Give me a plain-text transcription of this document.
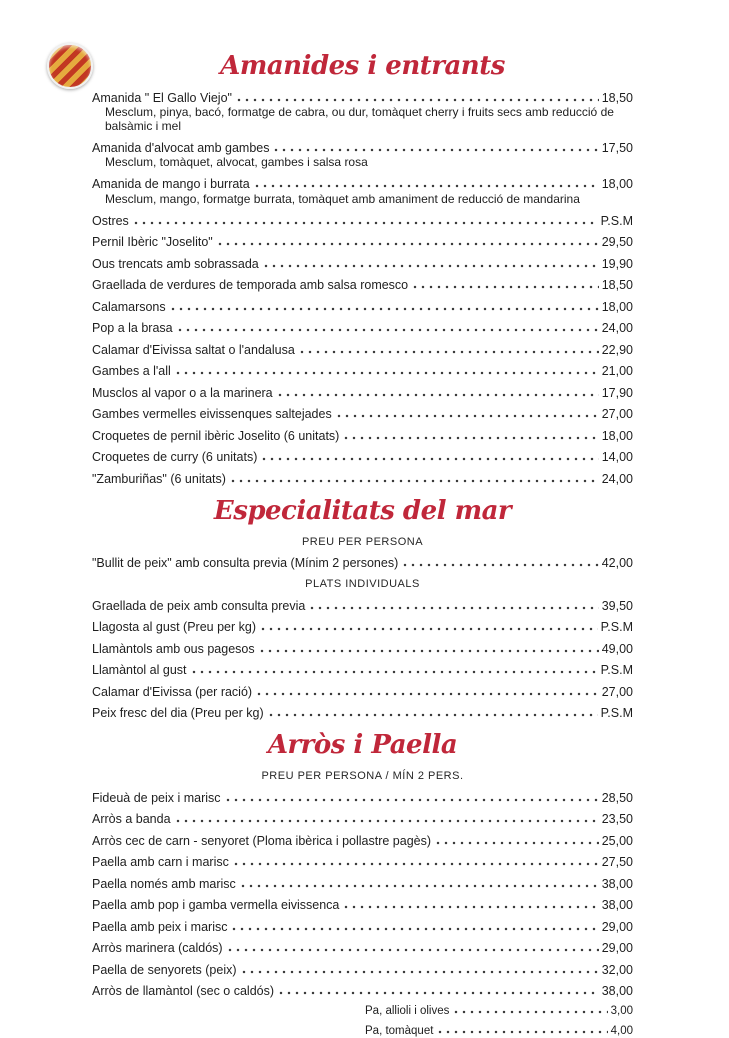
Amanides i entrants
Amanida " El Gallo Viejo"	18,50
Mesclum, pinya, bacó, formatge de cabra, ou dur, tomàquet cherry i fruits secs amb reducció de balsàmic i mel
Amanida d'alvocat amb gambes	17,50
Mesclum, tomàquet, alvocat, gambes i salsa rosa
Amanida de mango i burrata	18,00
Mesclum, mango, formatge burrata, tomàquet amb amaniment de reducció de mandarina
Ostres	P.S.M
Pernil Ibèric "Joselito"	29,50
Ous trencats amb sobrassada	19,90
Graellada de verdures de temporada amb salsa romesco	18,50
Calamarsons	18,00
Pop a la brasa	24,00
Calamar d'Eivissa saltat o l'andalusa	22,90
Gambes a l'all	21,00
Musclos al vapor o a la marinera	17,90
Gambes vermelles eivissenques saltejades	27,00
Croquetes de pernil ibèric Joselito (6 unitats)	18,00
Croquetes de curry (6 unitats)	14,00
"Zamburiñas" (6 unitats)	24,00
Especialitats del mar
PREU PER PERSONA
"Bullit de peix" amb consulta previa (Mínim 2 persones)	42,00
PLATS INDIVIDUALS
Graellada de peix amb consulta previa	39,50
Llagosta al gust (Preu per kg)	P.S.M
Llamàntols amb ous pagesos	49,00
Llamàntol al gust	P.S.M
Calamar d'Eivissa (per ració)	27,00
Peix fresc del dia (Preu per kg)	P.S.M
Arròs i Paella
PREU PER PERSONA / MÍN 2 PERS.
Fideuà de peix i marisc	28,50
Arròs a banda	23,50
Arròs cec de carn - senyoret (Ploma ibèrica i pollastre pagès)	25,00
Paella amb carn i marisc	27,50
Paella només amb marisc	38,00
Paella amb pop i gamba vermella eivissenca	38,00
Paella amb peix i marisc	29,00
Arròs marinera (caldós)	29,00
Paella de senyorets (peix)	32,00
Arròs de llamàntol (sec o caldós)	38,00
Pa, allioli i olives	3,00
Pa, tomàquet	4,00
